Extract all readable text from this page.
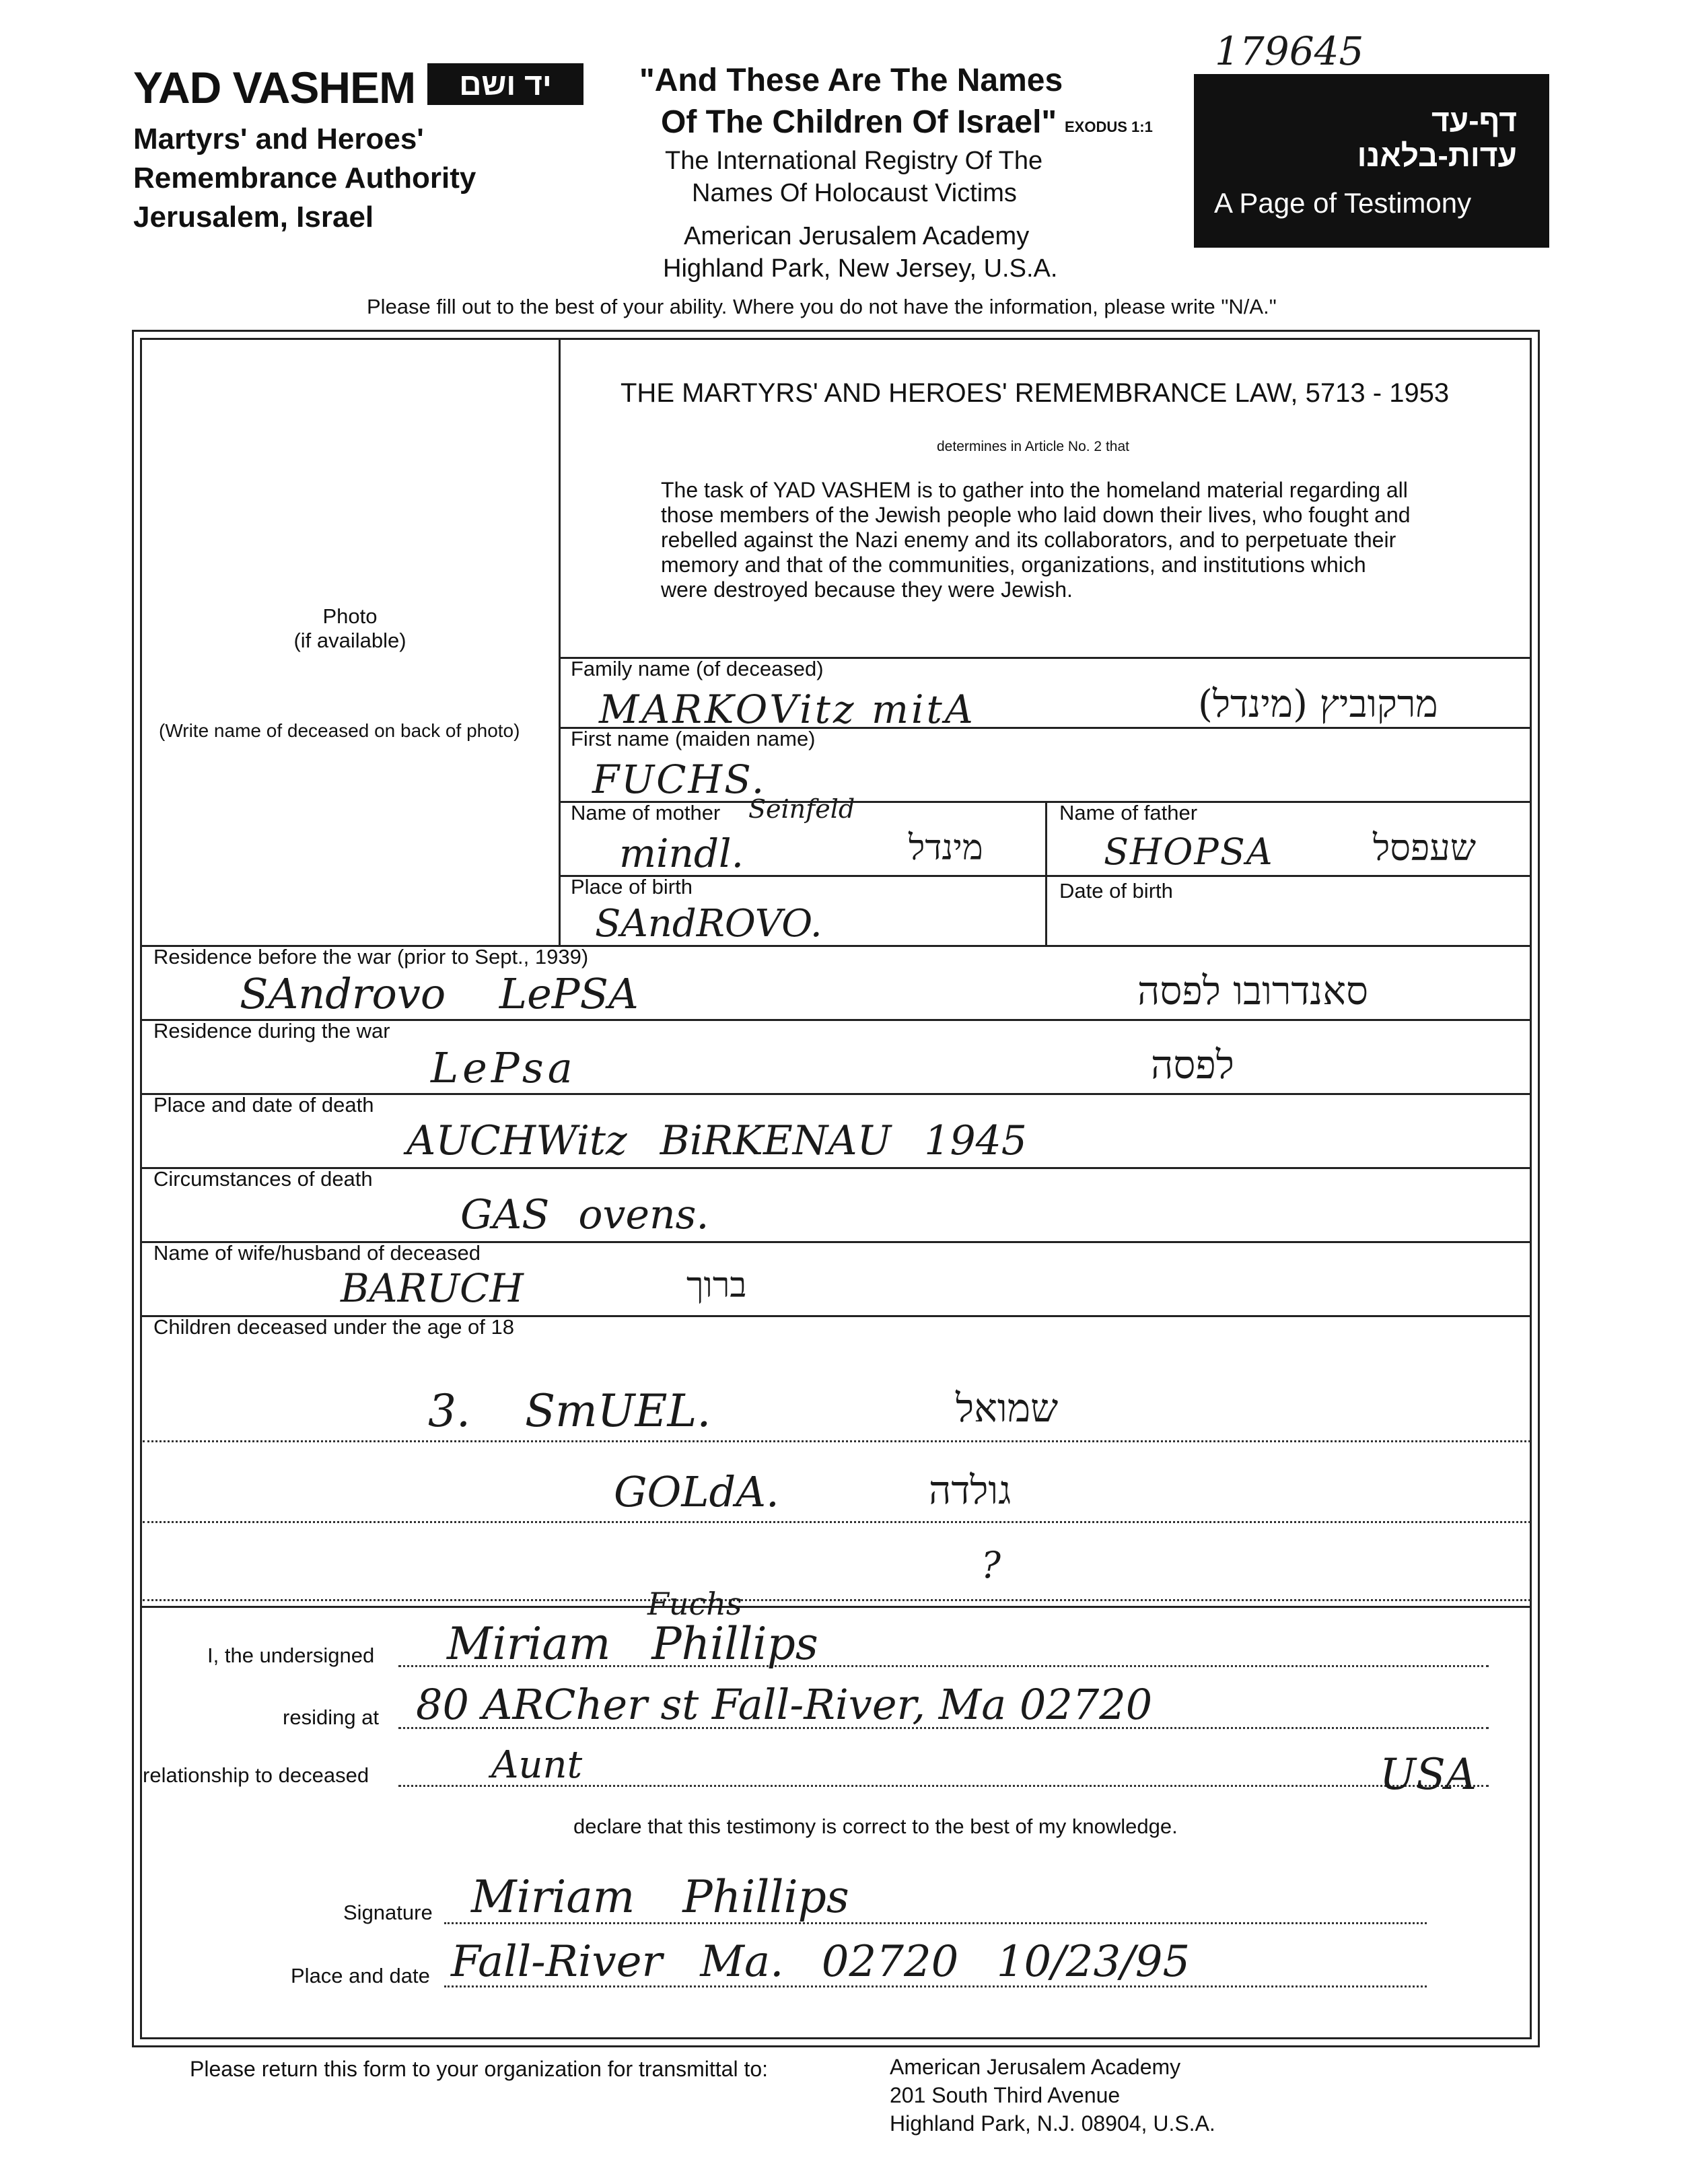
179645
YAD VASHEM	יד ושם
Martyrs' and Heroes'
Remembrance Authority
Jerusalem, Israel
"And These Are The Names
Of The Children Of Israel" EXODUS 1:1
The International Registry Of The
Names Of Holocaust Victims
American Jerusalem Academy
Highland Park, New Jersey, U.S.A.
דף-עד
עדות-בלאנו
A Page of Testimony
Please fill out to the best of your ability. Where you do not have the information, please write "N/A."
THE MARTYRS' AND HEROES' REMEMBRANCE LAW, 5713 - 1953
determines in Article No. 2 that
The task of YAD VASHEM is to gather into the homeland material regarding all
those members of the Jewish people who laid down their lives, who fought and
rebelled against the Nazi enemy and its collaborators, and to perpetuate their
memory and that of the communities, organizations, and institutions which
were destroyed because they were Jewish.
Photo
(if available)
(Write name of deceased on back of photo)
Family name (of deceased)
MARKOVitz mitA	(מינדל) מרקוביץ
First name (maiden name)
FUCHS.
Name of mother Seinfeld
mindl.	מינדל
Name of father
SHOPSA	שעפסל
Place of birth
SAndROVO.
Date of birth
Residence before the war (prior to Sept., 1939)
SAndrovo LePSA	סאנדרובו לפסה
Residence during the war
LePsa	לפסה
Place and date of death
AUCHWitz BiRKENAU 1945
Circumstances of death
GAS ovens.
Name of wife/husband of deceased
BARUCH	ברוך
Children deceased under the age of 18
3. SmUEL.	שמואל
GOLdA.	גולדה
?
I, the undersigned
Fuchs
Miriam Phillips
residing at 80 ARCher st Fall-River, Ma 02720
relationship to deceased	Aunt	USA
declare that this testimony is correct to the best of my knowledge.
Signature Miriam Phillips
Place and date Fall-River Ma. 02720 10/23/95
Please return this form to your organization for transmittal to:	American Jerusalem Academy
201 South Third Avenue
Highland Park, N.J. 08904, U.S.A.
